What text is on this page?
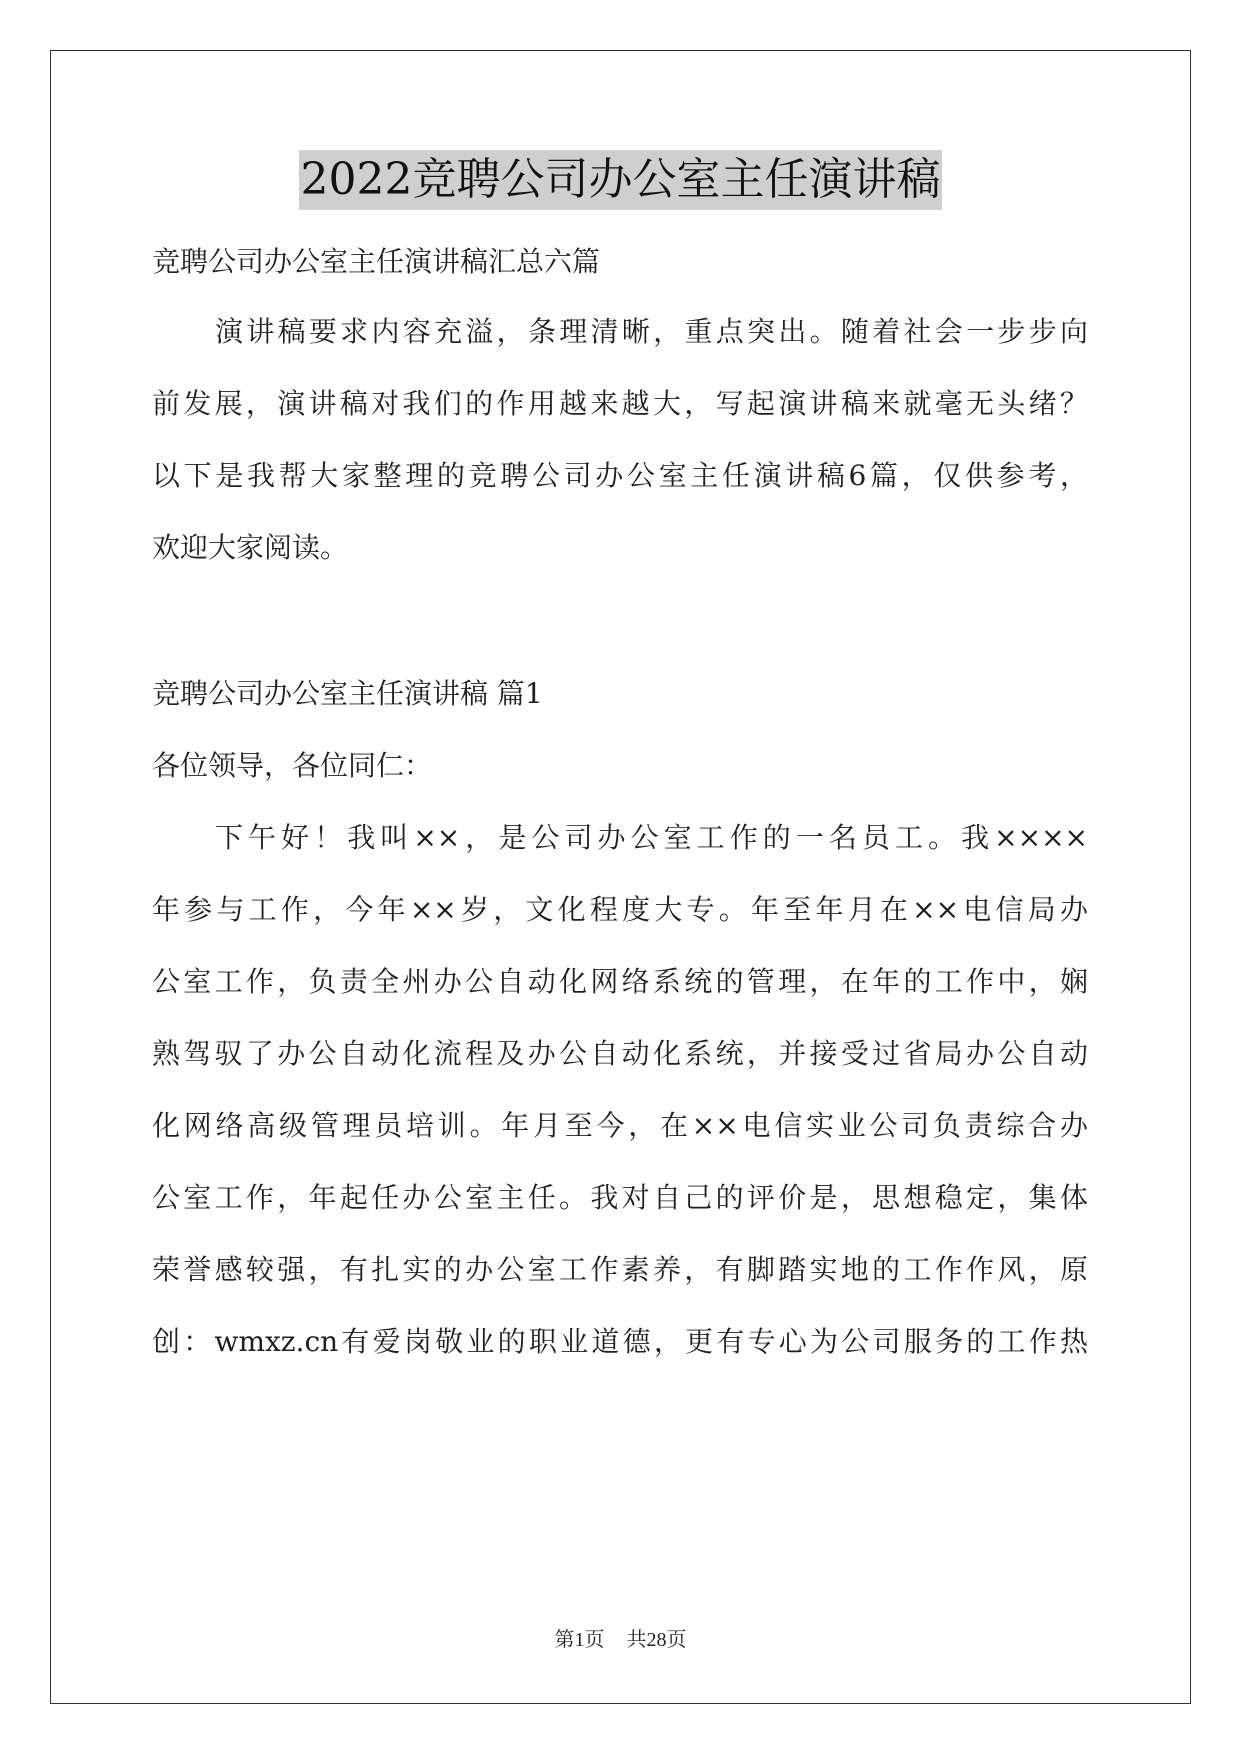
2022竞聘公司办公室主任演讲稿
竞聘公司办公室主任演讲稿汇总六篇
演讲稿要求内容充溢，条理清晰，重点突出。随着社会一步步向
前发展，演讲稿对我们的作用越来越大，写起演讲稿来就毫无头绪？
以下是我帮大家整理的竞聘公司办公室主任演讲稿6篇，仅供参考，
欢迎大家阅读。
竞聘公司办公室主任演讲稿 篇1
各位领导，各位同仁：
下午好！我叫××，是公司办公室工作的一名员工。我××××
年参与工作，今年××岁，文化程度大专。年至年月在××电信局办
公室工作，负责全州办公自动化网络系统的管理，在年的工作中，娴
熟驾驭了办公自动化流程及办公自动化系统，并接受过省局办公自动
化网络高级管理员培训。年月至今，在××电信实业公司负责综合办
公室工作，年起任办公室主任。我对自己的评价是，思想稳定，集体
荣誉感较强，有扎实的办公室工作素养，有脚踏实地的工作作风，原
创：wmxz.cn有爱岗敬业的职业道德，更有专心为公司服务的工作热
第1页 共28页
